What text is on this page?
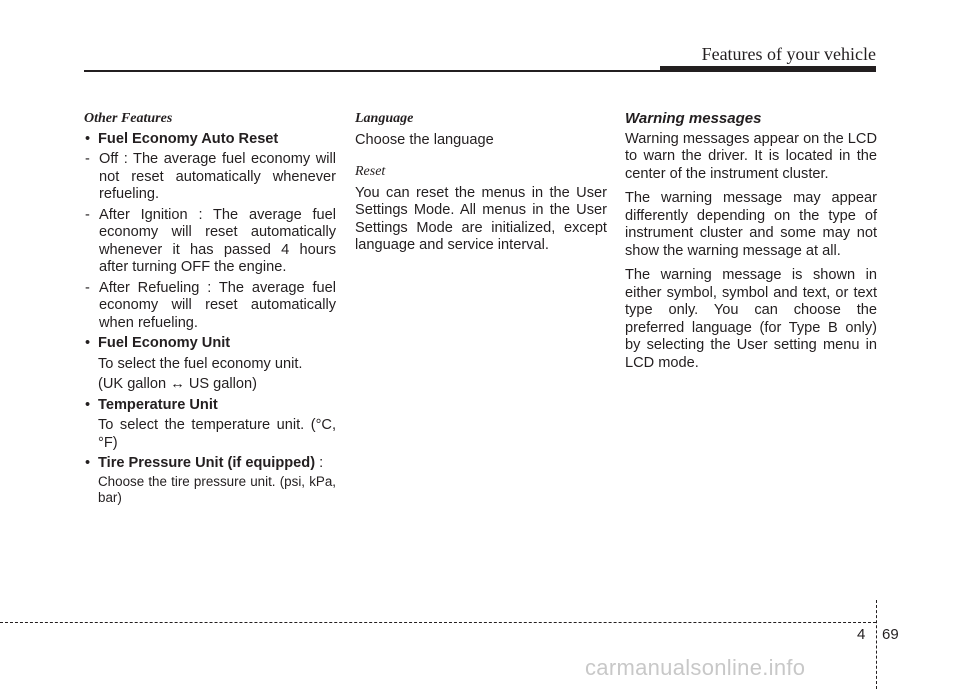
Features of your vehicle
Other Features
• Fuel Economy Auto Reset
- Off : The average fuel economy will not reset automatically whenever refueling.
- After Ignition : The average fuel economy will reset automatically whenever it has passed 4 hours after turning OFF the engine.
- After Refueling : The average fuel economy will reset automatically when refueling.
• Fuel Economy Unit
To select the fuel economy unit.
(UK gallon ↔ US gallon)
• Temperature Unit
To select the temperature unit. (°C,°F)
• Tire Pressure Unit (if equipped) :
Choose the tire pressure unit. (psi, kPa, bar)
Language
Choose the language
Reset
You can reset the menus in the User Settings Mode. All menus in the User Settings Mode are initialized, except language and service interval.
Warning messages

Warning messages appear on the LCD to warn the driver. It is located in the center of the instrument cluster.

The warning message may appear differently depending on the type of instrument cluster and some may not show the warning message at all.

The warning message is shown in either symbol, symbol and text, or text type only. You can choose the preferred language (for Type B only) by selecting the User setting menu in LCD mode.

4 69
carmanualsonline.info
